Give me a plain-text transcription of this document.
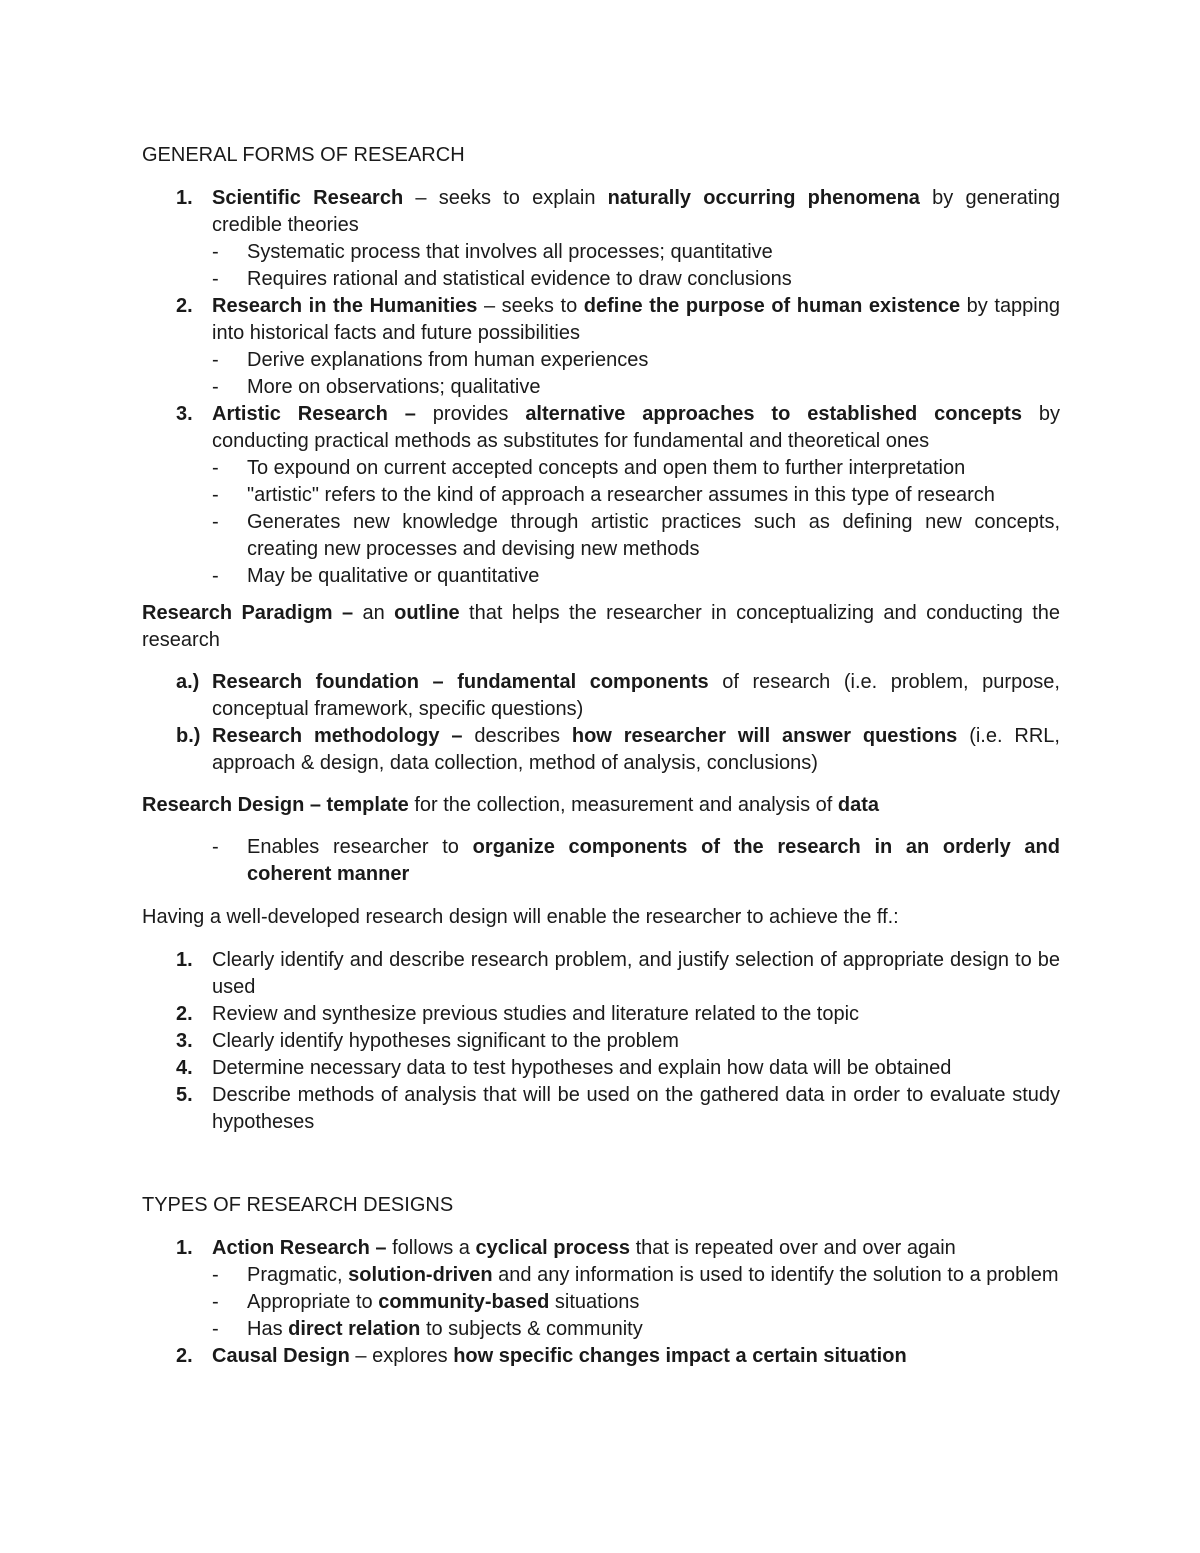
GENERAL FORMS OF RESEARCH

1. Scientific Research – seeks to explain naturally occurring phenomena by generating credible theories
-	Systematic process that involves all processes; quantitative
-	Requires rational and statistical evidence to draw conclusions
2. Research in the Humanities – seeks to define the purpose of human existence by tapping into historical facts and future possibilities
-	Derive explanations from human experiences
-	More on observations; qualitative
3. Artistic Research – provides alternative approaches to established concepts by conducting practical methods as substitutes for fundamental and theoretical ones
-	To expound on current accepted concepts and open them to further interpretation
-	"artistic" refers to the kind of approach a researcher assumes in this type of research
-	Generates new knowledge through artistic practices such as defining new concepts, creating new processes and devising new methods
-	May be qualitative or quantitative

Research Paradigm – an outline that helps the researcher in conceptualizing and conducting the research

a.) Research foundation – fundamental components of research (i.e. problem, purpose, conceptual framework, specific questions)
b.) Research methodology – describes how researcher will answer questions (i.e. RRL, approach & design, data collection, method of analysis, conclusions)

Research Design – template for the collection, measurement and analysis of data

-	Enables researcher to organize components of the research in an orderly and coherent manner

Having a well-developed research design will enable the researcher to achieve the ff.:

1. Clearly identify and describe research problem, and justify selection of appropriate design to be used
2. Review and synthesize previous studies and literature related to the topic
3. Clearly identify hypotheses significant to the problem
4. Determine necessary data to test hypotheses and explain how data will be obtained
5. Describe methods of analysis that will be used on the gathered data in order to evaluate study hypotheses

TYPES OF RESEARCH DESIGNS

1. Action Research – follows a cyclical process that is repeated over and over again
-	Pragmatic, solution-driven and any information is used to identify the solution to a problem
-	Appropriate to community-based situations
-	Has direct relation to subjects & community
2. Causal Design – explores how specific changes impact a certain situation
